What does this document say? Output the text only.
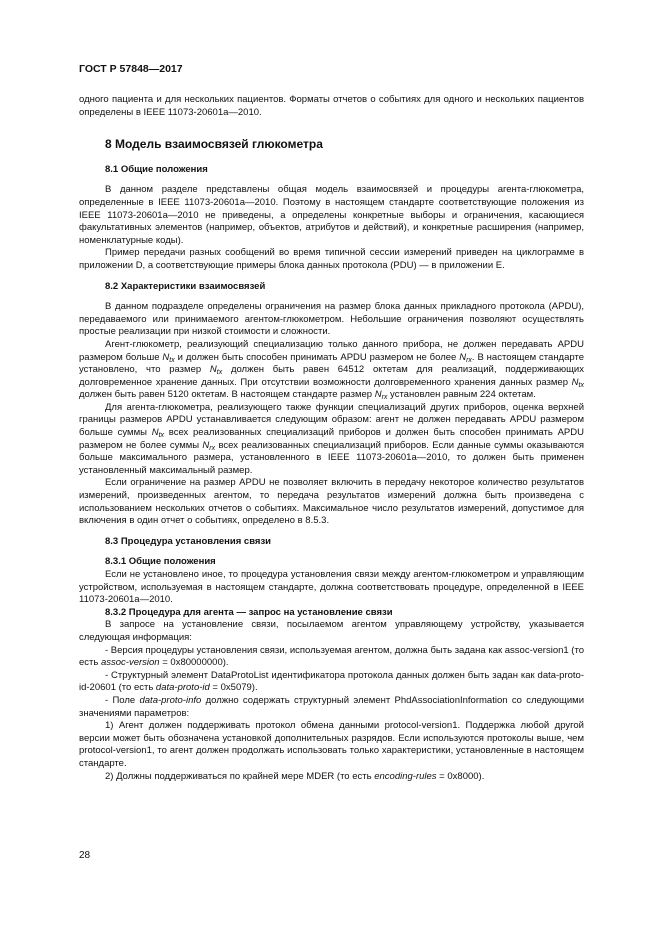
ГОСТ Р 57848—2017

одного пациента и для нескольких пациентов. Форматы отчетов о событиях для одного и нескольких пациентов определены в IEEE 11073-20601a—2010.

8 Модель взаимосвязей глюкометра

8.1 Общие положения

В данном разделе представлены общая модель взаимосвязей и процедуры агента-глюкометра, определенные в IEEE 11073-20601a—2010. Поэтому в настоящем стандарте соответствующие положения из IEEE 11073-20601a—2010 не приведены, а определены конкретные выборы и ограничения, касающиеся факультативных элементов (например, объектов, атрибутов и действий), и конкретные расширения (например, номенклатурные коды).

Пример передачи разных сообщений во время типичной сессии измерений приведен на циклограмме в приложении D, а соответствующие примеры блока данных протокола (PDU) — в приложении E.

8.2 Характеристики взаимосвязей

В данном подразделе определены ограничения на размер блока данных прикладного протокола (APDU), передаваемого или принимаемого агентом-глюкометром. Небольшие ограничения позволяют осуществлять простые реализации при низкой стоимости и сложности.

Агент-глюкометр, реализующий специализацию только данного прибора, не должен передавать APDU размером больше $N_{tx}$ и должен быть способен принимать APDU размером не более $N_{rx}$. В настоящем стандарте установлено, что размер $N_{tx}$ должен быть равен 64512 октетам для реализаций, поддерживающих долговременное хранение данных. При отсутствии возможности долговременного хранения данных размер $N_{tx}$ должен быть равен 5120 октетам. В настоящем стандарте размер $N_{rx}$ установлен равным 224 октетам.

Для агента-глюкометра, реализующего также функции специализаций других приборов, оценка верхней границы размеров APDU устанавливается следующим образом: агент не должен передавать APDU размером больше суммы $N_{tx}$ всех реализованных специализаций приборов и должен быть способен принимать APDU размером не более суммы $N_{rx}$ всех реализованных специализаций приборов. Если данные суммы оказываются больше максимального размера, установленного в IEEE 11073-20601a—2010, то должен быть применен установленный максимальный размер.

Если ограничение на размер APDU не позволяет включить в передачу некоторое количество результатов измерений, произведенных агентом, то передача результатов измерений должна быть произведена с использованием нескольких отчетов о событиях. Максимальное число результатов измерений, допустимое для включения в один отчет о событиях, определено в 8.5.3.

8.3 Процедура установления связи

8.3.1 Общие положения

Если не установлено иное, то процедура установления связи между агентом-глюкометром и управляющим устройством, используемая в настоящем стандарте, должна соответствовать процедуре, определенной в IEEE 11073-20601a—2010.

8.3.2 Процедура для агента — запрос на установление связи

В запросе на установление связи, посылаемом агентом управляющему устройству, указывается следующая информация:

- Версия процедуры установления связи, используемая агентом, должна быть задана как assoc-version1 (то есть assoc-version = 0x80000000).

- Структурный элемент DataProtoList идентификатора протокола данных должен быть задан как data-proto-id-20601 (то есть data-proto-id = 0x5079).

- Поле data-proto-info должно содержать структурный элемент PhdAssociationInformation со следующими значениями параметров:

1) Агент должен поддерживать протокол обмена данными protocol-version1. Поддержка любой другой версии может быть обозначена установкой дополнительных разрядов. Если используются протоколы выше, чем protocol-version1, то агент должен продолжать использовать только характеристики, установленные в настоящем стандарте.

2) Должны поддерживаться по крайней мере MDER (то есть encoding-rules = 0x8000).

28
